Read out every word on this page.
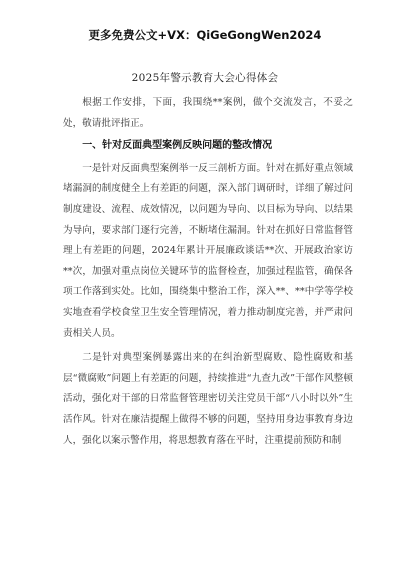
更多免费公文+VX：QiGeGongWen2024
2025年警示教育大会心得体会

根据工作安排，下面，我围绕**案例，做个交流发言，不妥之处，敬请批评指正。

一、针对反面典型案例反映问题的整改情况

一是针对反面典型案例举一反三剖析方面。针对在抓好重点领域堵漏洞的制度健全上有差距的问题，深入部门调研时，详细了解过问制度建设、流程、成效情况，以问题为导向、以目标为导向、以结果为导向，要求部门逐行完善，不断堵住漏洞。针对在抓好日常监督管理上有差距的问题，2024年累计开展廉政谈话**次、开展政治家访**次，加强对重点岗位关键环节的监督检查，加强过程监管，确保各项工作落到实处。比如，围绕集中整治工作，深入**、**中学等学校实地查看学校食堂卫生安全管理情况，着力推动制度完善，并严肃问责相关人员。

二是针对典型案例暴露出来的在纠治新型腐败、隐性腐败和基层“微腐败”问题上有差距的问题，持续推进“九查九改”干部作风整顿活动，强化对干部的日常监督管理密切关注党员干部“八小时以外”生活作风。针对在廉洁提醒上做得不够的问题，坚持用身边事教育身边人，强化以案示警作用，将思想教育落在平时，注重提前预防和制
